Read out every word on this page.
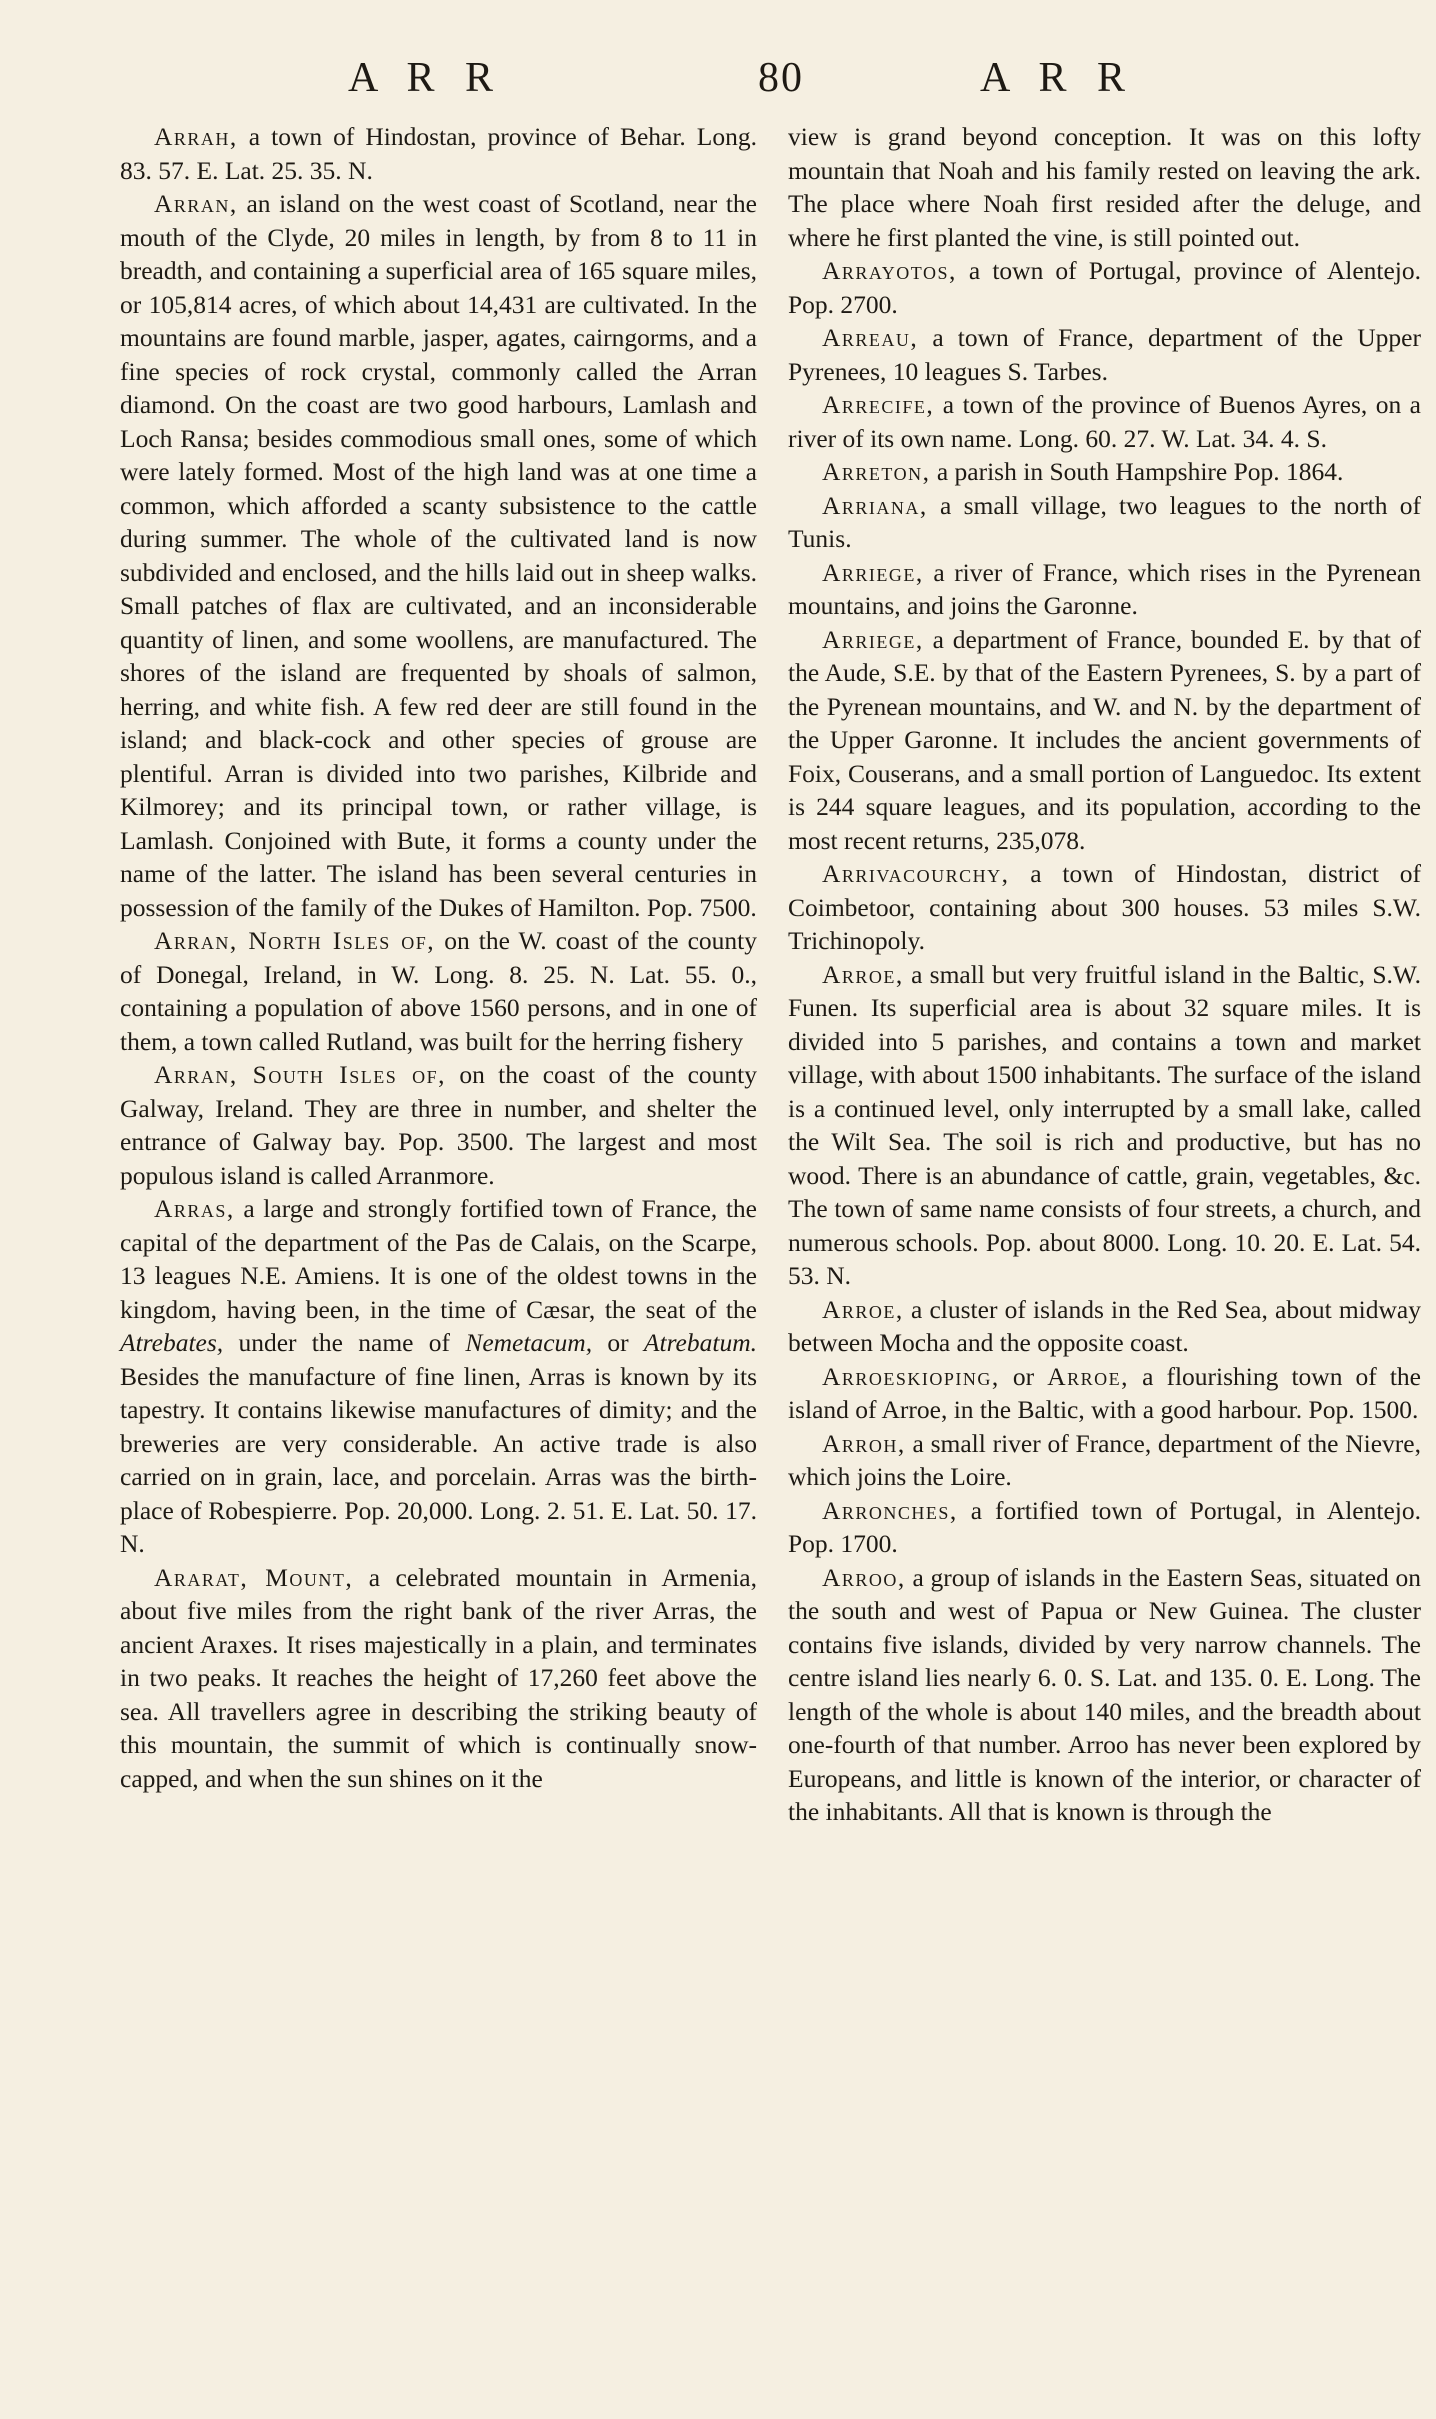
A R R	80	A R R

Arrah, a town of Hindostan, province of Behar. Long. 83. 57. E. Lat. 25. 35. N.

Arran, an island on the west coast of Scotland, near the mouth of the Clyde, 20 miles in length, by from 8 to 11 in breadth, and containing a superficial area of 165 square miles, or 105,814 acres, of which about 14,431 are cultivated. In the mountains are found marble, jasper, agates, cairngorms, and a fine species of rock crystal, commonly called the Arran diamond. On the coast are two good harbours, Lamlash and Loch Ransa; besides commodious small ones, some of which were lately formed. Most of the high land was at one time a common, which afforded a scanty subsistence to the cattle during summer. The whole of the cultivated land is now subdivided and enclosed, and the hills laid out in sheep walks. Small patches of flax are cultivated, and an inconsiderable quantity of linen, and some woollens, are manufactured. The shores of the island are frequented by shoals of salmon, herring, and white fish. A few red deer are still found in the island; and black-cock and other species of grouse are plentiful. Arran is divided into two parishes, Kilbride and Kilmorey; and its principal town, or rather village, is Lamlash. Conjoined with Bute, it forms a county under the name of the latter. The island has been several centuries in possession of the family of the Dukes of Hamilton. Pop. 7500.

Arran, North Isles of, on the W. coast of the county of Donegal, Ireland, in W. Long. 8. 25. N. Lat. 55. 0., containing a population of above 1560 persons, and in one of them, a town called Rutland, was built for the herring fishery

Arran, South Isles of, on the coast of the county Galway, Ireland. They are three in number, and shelter the entrance of Galway bay. Pop. 3500. The largest and most populous island is called Arranmore.

Arras, a large and strongly fortified town of France, the capital of the department of the Pas de Calais, on the Scarpe, 13 leagues N.E. Amiens. It is one of the oldest towns in the kingdom, having been, in the time of Cæsar, the seat of the Atrebates, under the name of Nemetacum, or Atrebatum. Besides the manufacture of fine linen, Arras is known by its tapestry. It contains likewise manufactures of dimity; and the breweries are very considerable. An active trade is also carried on in grain, lace, and porcelain. Arras was the birth-place of Robespierre. Pop. 20,000. Long. 2. 51. E. Lat. 50. 17. N.

Ararat, Mount, a celebrated mountain in Armenia, about five miles from the right bank of the river Arras, the ancient Araxes. It rises majestically in a plain, and terminates in two peaks. It reaches the height of 17,260 feet above the sea. All travellers agree in describing the striking beauty of this mountain, the summit of which is continually snow-capped, and when the sun shines on it the

view is grand beyond conception. It was on this lofty mountain that Noah and his family rested on leaving the ark. The place where Noah first resided after the deluge, and where he first planted the vine, is still pointed out.

Arrayotos, a town of Portugal, province of Alentejo. Pop. 2700.

Arreau, a town of France, department of the Upper Pyrenees, 10 leagues S. Tarbes.

Arrecife, a town of the province of Buenos Ayres, on a river of its own name. Long. 60. 27. W. Lat. 34. 4. S.

Arreton, a parish in South Hampshire Pop. 1864.

Arriana, a small village, two leagues to the north of Tunis.

Arriege, a river of France, which rises in the Pyrenean mountains, and joins the Garonne.

Arriege, a department of France, bounded E. by that of the Aude, S.E. by that of the Eastern Pyrenees, S. by a part of the Pyrenean mountains, and W. and N. by the department of the Upper Garonne. It includes the ancient governments of Foix, Couserans, and a small portion of Languedoc. Its extent is 244 square leagues, and its population, according to the most recent returns, 235,078.

Arrivacourchy, a town of Hindostan, district of Coimbetoor, containing about 300 houses. 53 miles S.W. Trichinopoly.

Arroe, a small but very fruitful island in the Baltic, S.W. Funen. Its superficial area is about 32 square miles. It is divided into 5 parishes, and contains a town and market village, with about 1500 inhabitants. The surface of the island is a continued level, only interrupted by a small lake, called the Wilt Sea. The soil is rich and productive, but has no wood. There is an abundance of cattle, grain, vegetables, &c. The town of same name consists of four streets, a church, and numerous schools. Pop. about 8000. Long. 10. 20. E. Lat. 54. 53. N.

Arroe, a cluster of islands in the Red Sea, about midway between Mocha and the opposite coast.

Arroeskioping, or Arroe, a flourishing town of the island of Arroe, in the Baltic, with a good harbour. Pop. 1500.

Arroh, a small river of France, department of the Nievre, which joins the Loire.

Arronches, a fortified town of Portugal, in Alentejo. Pop. 1700.

Arroo, a group of islands in the Eastern Seas, situated on the south and west of Papua or New Guinea. The cluster contains five islands, divided by very narrow channels. The centre island lies nearly 6. 0. S. Lat. and 135. 0. E. Long. The length of the whole is about 140 miles, and the breadth about one-fourth of that number. Arroo has never been explored by Europeans, and little is known of the interior, or character of the inhabitants. All that is known is through the
